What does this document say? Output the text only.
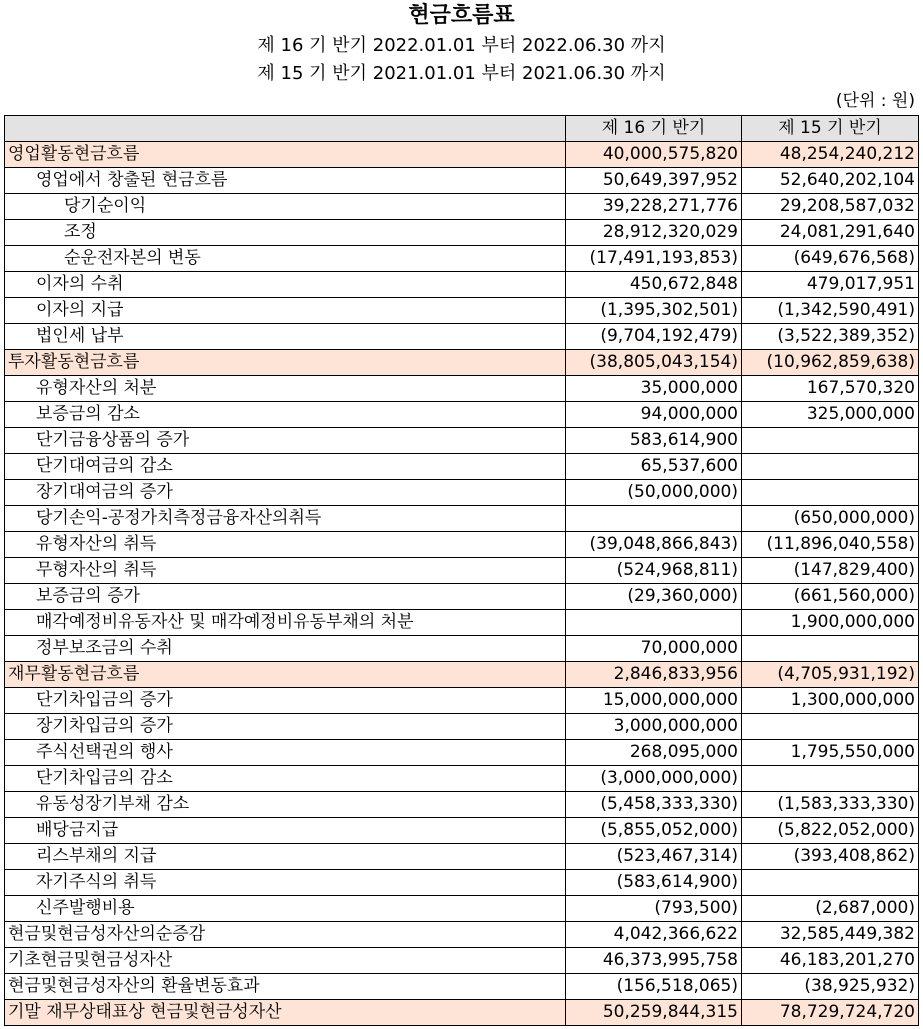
현금흐름표
제 16 기 반기 2022.01.01 부터 2022.06.30 까지
제 15 기 반기 2021.01.01 부터 2021.06.30 까지
(단위 : 원)
	제 16 기 반기	제 15 기 반기
영업활동현금흐름	40,000,575,820	48,254,240,212
영업에서 창출된 현금흐름	50,649,397,952	52,640,202,104
당기순이익	39,228,271,776	29,208,587,032
조정	28,912,320,029	24,081,291,640
순운전자본의 변동	(17,491,193,853)	(649,676,568)
이자의 수취	450,672,848	479,017,951
이자의 지급	(1,395,302,501)	(1,342,590,491)
법인세 납부	(9,704,192,479)	(3,522,389,352)
투자활동현금흐름	(38,805,043,154)	(10,962,859,638)
유형자산의 처분	35,000,000	167,570,320
보증금의 감소	94,000,000	325,000,000
단기금융상품의 증가	583,614,900	
단기대여금의 감소	65,537,600	
장기대여금의 증가	(50,000,000)	
당기손익-공정가치측정금융자산의취득		(650,000,000)
유형자산의 취득	(39,048,866,843)	(11,896,040,558)
무형자산의 취득	(524,968,811)	(147,829,400)
보증금의 증가	(29,360,000)	(661,560,000)
매각예정비유동자산 및 매각예정비유동부채의 처분		1,900,000,000
정부보조금의 수취	70,000,000	
재무활동현금흐름	2,846,833,956	(4,705,931,192)
단기차입금의 증가	15,000,000,000	1,300,000,000
장기차입금의 증가	3,000,000,000	
주식선택권의 행사	268,095,000	1,795,550,000
단기차입금의 감소	(3,000,000,000)	
유동성장기부채 감소	(5,458,333,330)	(1,583,333,330)
배당금지급	(5,855,052,000)	(5,822,052,000)
리스부채의 지급	(523,467,314)	(393,408,862)
자기주식의 취득	(583,614,900)	
신주발행비용	(793,500)	(2,687,000)
현금및현금성자산의순증감	4,042,366,622	32,585,449,382
기초현금및현금성자산	46,373,995,758	46,183,201,270
현금및현금성자산의 환율변동효과	(156,518,065)	(38,925,932)
기말 재무상태표상 현금및현금성자산	50,259,844,315	78,729,724,720
